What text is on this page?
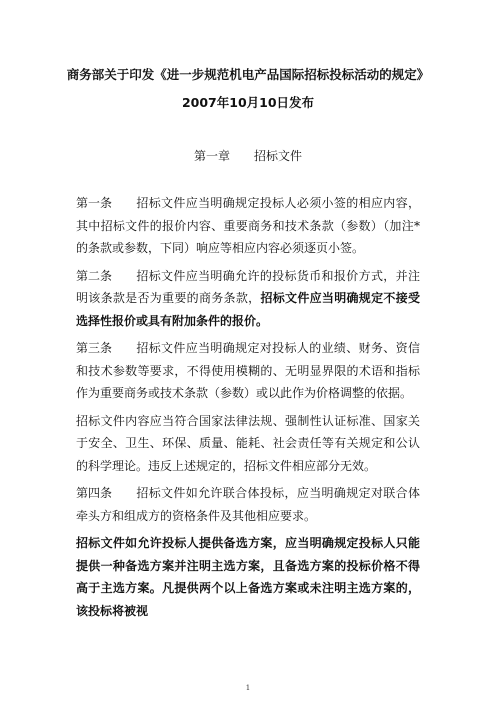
商务部关于印发《进一步规范机电产品国际招标投标活动的规定》
2007年10月10日发布
第一章 招标文件

第一条 招标文件应当明确规定投标人必须小签的相应内容，其中招标文件的报价内容、重要商务和技术条款（参数）（加注*的条款或参数，下同）响应等相应内容必须逐页小签。

第二条 招标文件应当明确允许的投标货币和报价方式，并注明该条款是否为重要的商务条款，招标文件应当明确规定不接受选择性报价或具有附加条件的报价。

第三条 招标文件应当明确规定对投标人的业绩、财务、资信和技术参数等要求，不得使用模糊的、无明显界限的术语和指标作为重要商务或技术条款（参数）或以此作为价格调整的依据。

招标文件内容应当符合国家法律法规、强制性认证标准、国家关于安全、卫生、环保、质量、能耗、社会责任等有关规定和公认的科学理论。违反上述规定的，招标文件相应部分无效。

第四条 招标文件如允许联合体投标，应当明确规定对联合体牵头方和组成方的资格条件及其他相应要求。

招标文件如允许投标人提供备选方案，应当明确规定投标人只能提供一种备选方案并注明主选方案，且备选方案的投标价格不得高于主选方案。凡提供两个以上备选方案或未注明主选方案的，该投标将被视

1
